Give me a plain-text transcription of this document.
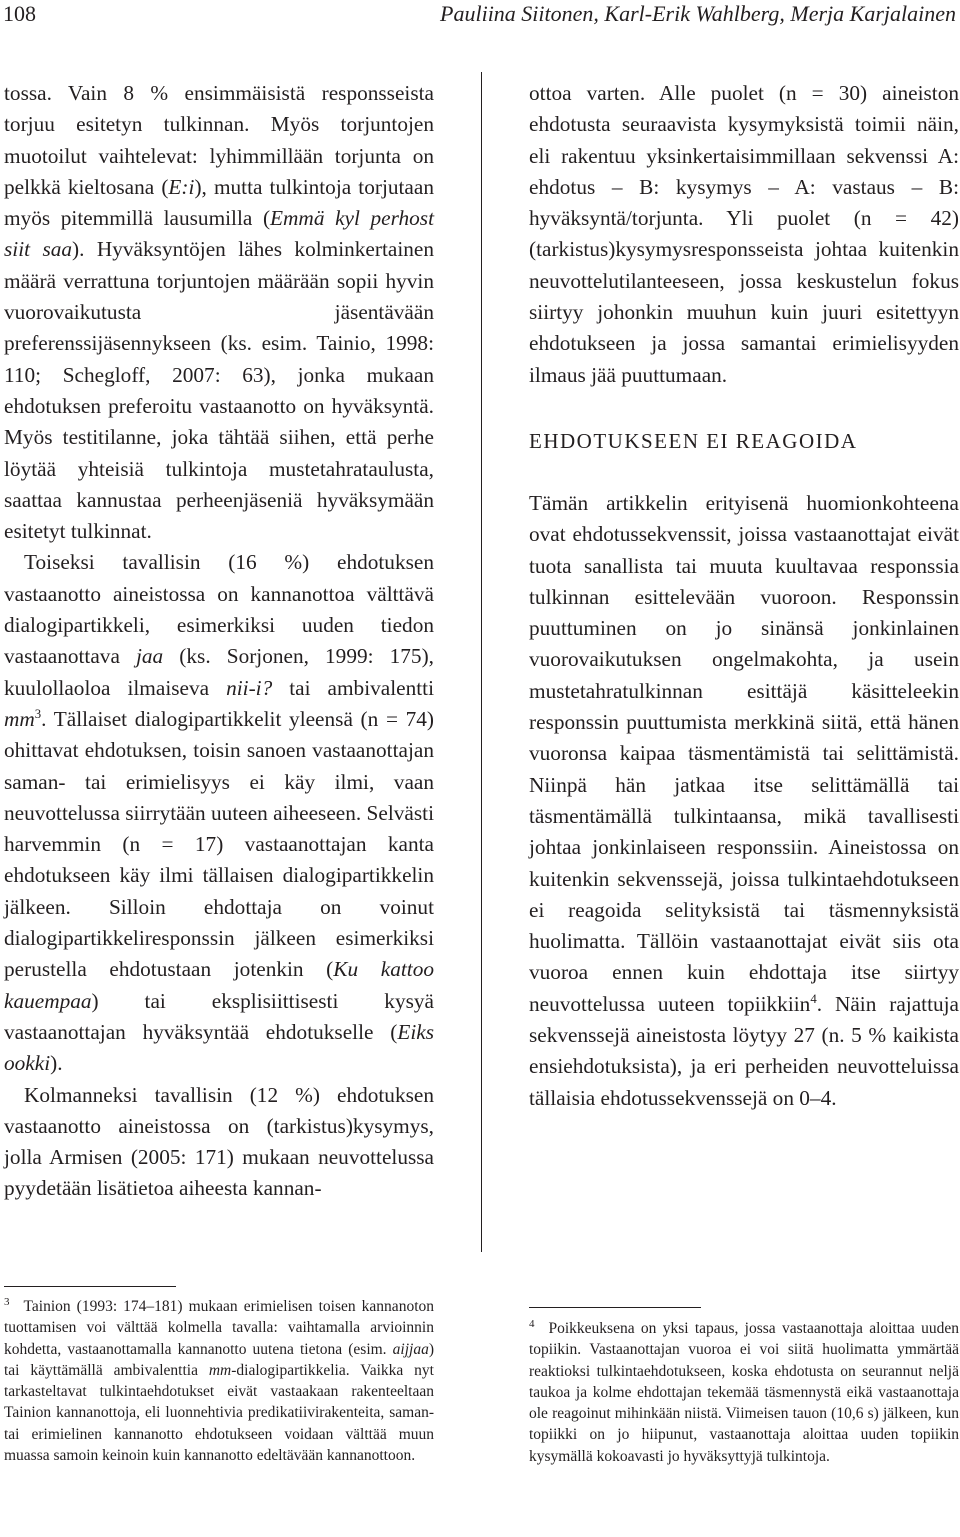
108	Pauliina Siitonen, Karl-Erik Wahlberg, Merja Karjalainen

tossa. Vain 8 % ensimmäisistä responsseista torjuu esitetyn tulkinnan. Myös torjuntojen muotoilut vaihtelevat: lyhimmillään torjunta on pelkkä kieltosana (E:i), mutta tulkintoja torjutaan myös pitemmillä lausumilla (Emmä kyl perhost siit saa). Hyväksyntöjen lähes kolminkertainen määrä verrattuna torjuntojen määrään sopii hyvin vuorovaikutusta jäsentävään preferenssijäsennykseen (ks. esim. Tainio, 1998: 110; Schegloff, 2007: 63), jonka mukaan ehdotuksen preferoitu vastaanotto on hyväksyntä. Myös testitilanne, joka tähtää siihen, että perhe löytää yhteisiä tulkintoja mustetahrataulusta, saattaa kannustaa perheenjäseniä hyväksymään esitetyt tulkinnat.

Toiseksi tavallisin (16 %) ehdotuksen vastaanotto aineistossa on kannanottoa välttävä dialogipartikkeli, esimerkiksi uuden tiedon vastaanottava jaa (ks. Sorjonen, 1999: 175), kuulollaoloa ilmaiseva nii-i? tai ambivalentti $mm^3$. Tällaiset dialogipartikkelit yleensä (n = 74) ohittavat ehdotuksen, toisin sanoen vastaanottajan saman- tai erimielisyys ei käy ilmi, vaan neuvottelussa siirrytään uuteen aiheeseen. Selvästi harvemmin (n = 17) vastaanottajan kanta ehdotukseen käy ilmi tällaisen dialogipartikkelin jälkeen. Silloin ehdottaja on voinut dialogipartikkeliresponssin jälkeen esimerkiksi perustella ehdotustaan jotenkin (Ku kattoo kauempaa) tai eksplisiittisesti kysyä vastaanottajan hyväksyntää ehdotukselle (Eiks ookki).

Kolmanneksi tavallisin (12 %) ehdotuksen vastaanotto aineistossa on (tarkistus)kysymys, jolla Armisen (2005: 171) mukaan neuvottelussa pyydetään lisätietoa aiheesta kannan-

ottoa varten. Alle puolet (n = 30) aineiston ehdotusta seuraavista kysymyksistä toimii näin, eli rakentuu yksinkertaisimmillaan sekvenssi A: ehdotus – B: kysymys – A: vastaus – B: hyväksyntä/torjunta. Yli puolet (n = 42) (tarkistus)kysymysresponsseista johtaa kuitenkin neuvottelutilanteeseen, jossa keskustelun fokus siirtyy johonkin muuhun kuin juuri esitettyyn ehdotukseen ja jossa samantai erimielisyyden ilmaus jää puuttumaan.

EHDOTUKSEEN EI REAGOIDA

Tämän artikkelin erityisenä huomionkohteena ovat ehdotussekvenssit, joissa vastaanottajat eivät tuota sanallista tai muuta kuultavaa responssia tulkinnan esittelevään vuoroon. Responssin puuttuminen on jo sinänsä jonkinlainen vuorovaikutuksen ongelmakohta, ja usein mustetahratulkinnan esittäjä käsitteleekin responssin puuttumista merkkinä siitä, että hänen vuoronsa kaipaa täsmentämistä tai selittämistä. Niinpä hän jatkaa itse selittämällä tai täsmentämällä tulkintaansa, mikä tavallisesti johtaa jonkinlaiseen responssiin. Aineistossa on kuitenkin sekvenssejä, joissa tulkintaehdotukseen ei reagoida selityksistä tai täsmennyksistä huolimatta. Tällöin vastaanottajat eivät siis ota vuoroa ennen kuin ehdottaja itse siirtyy neuvottelussa uuteen topiikkiin$^4$. Näin rajattuja sekvenssejä aineistosta löytyy 27 (n. 5 % kaikista ensiehdotuksista), ja eri perheiden neuvotteluissa tällaisia ehdotussekvenssejä on 0–4.

$^3$ Tainion (1993: 174–181) mukaan erimielisen toisen kannanoton tuottamisen voi välttää kolmella tavalla: vaihtamalla arvioinnin kohdetta, vastaanottamalla kannanotto uutena tietona (esim. aijjaa) tai käyttämällä ambivalenttia mm-dialogipartikkelia. Vaikka nyt tarkasteltavat tulkintaehdotukset eivät vastaakaan rakenteeltaan Tainion kannanottoja, eli luonnehtivia predikatiivirakenteita, saman- tai erimielinen kannanotto ehdotukseen voidaan välttää muun muassa samoin keinoin kuin kannanotto edeltävään kannanottoon.
$^4$ Poikkeuksena on yksi tapaus, jossa vastaanottaja aloittaa uuden topiikin. Vastaanottajan vuoroa ei voi siitä huolimatta ymmärtää reaktioksi tulkintaehdotukseen, koska ehdotusta on seurannut neljä taukoa ja kolme ehdottajan tekemää täsmennystä eikä vastaanottaja ole reagoinut mihinkään niistä. Viimeisen tauon (10,6 s) jälkeen, kun topiikki on jo hiipunut, vastaanottaja aloittaa uuden topiikin kysymällä kokoavasti jo hyväksyttyjä tulkintoja.
